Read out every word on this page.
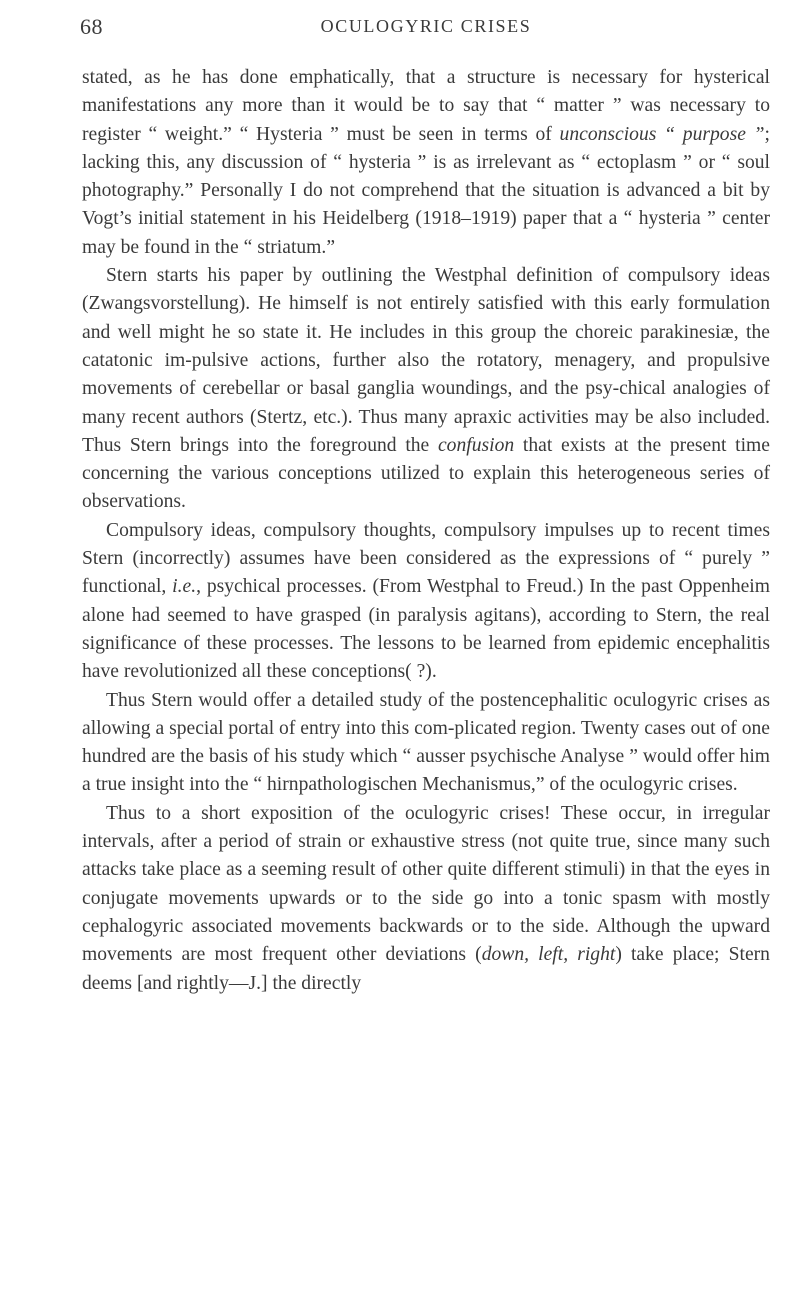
68	OCULOGYRIC CRISES

stated, as he has done emphatically, that a structure is necessary for hysterical manifestations any more than it would be to say that “ matter ” was necessary to register “ weight.” “ Hysteria ” must be seen in terms of unconscious “ purpose ”; lacking this, any discussion of “ hysteria ” is as irrelevant as “ ectoplasm ” or “ soul photography.” Personally I do not comprehend that the situation is advanced a bit by Vogt’s initial statement in his Heidelberg (1918–1919) paper that a “ hysteria ” center may be found in the “ striatum.”

Stern starts his paper by outlining the Westphal definition of compulsory ideas (Zwangsvorstellung). He himself is not entirely satisfied with this early formulation and well might he so state it. He includes in this group the choreic parakinesiæ, the catatonic im-pulsive actions, further also the rotatory, menagery, and propulsive movements of cerebellar or basal ganglia woundings, and the psy-chical analogies of many recent authors (Stertz, etc.). Thus many apraxic activities may be also included. Thus Stern brings into the foreground the confusion that exists at the present time concerning the various conceptions utilized to explain this heterogeneous series of observations.

Compulsory ideas, compulsory thoughts, compulsory impulses up to recent times Stern (incorrectly) assumes have been considered as the expressions of “ purely ” functional, i.e., psychical processes. (From Westphal to Freud.) In the past Oppenheim alone had seemed to have grasped (in paralysis agitans), according to Stern, the real significance of these processes. The lessons to be learned from epidemic encephalitis have revolutionized all these conceptions( ?).

Thus Stern would offer a detailed study of the postencephalitic oculogyric crises as allowing a special portal of entry into this com-plicated region. Twenty cases out of one hundred are the basis of his study which “ ausser psychische Analyse ” would offer him a true insight into the “ hirnpathologischen Mechanismus,” of the oculogyric crises.

Thus to a short exposition of the oculogyric crises! These occur, in irregular intervals, after a period of strain or exhaustive stress (not quite true, since many such attacks take place as a seeming result of other quite different stimuli) in that the eyes in conjugate movements upwards or to the side go into a tonic spasm with mostly cephalogyric associated movements backwards or to the side. Although the upward movements are most frequent other deviations (down, left, right) take place; Stern deems [and rightly—J.] the directly
